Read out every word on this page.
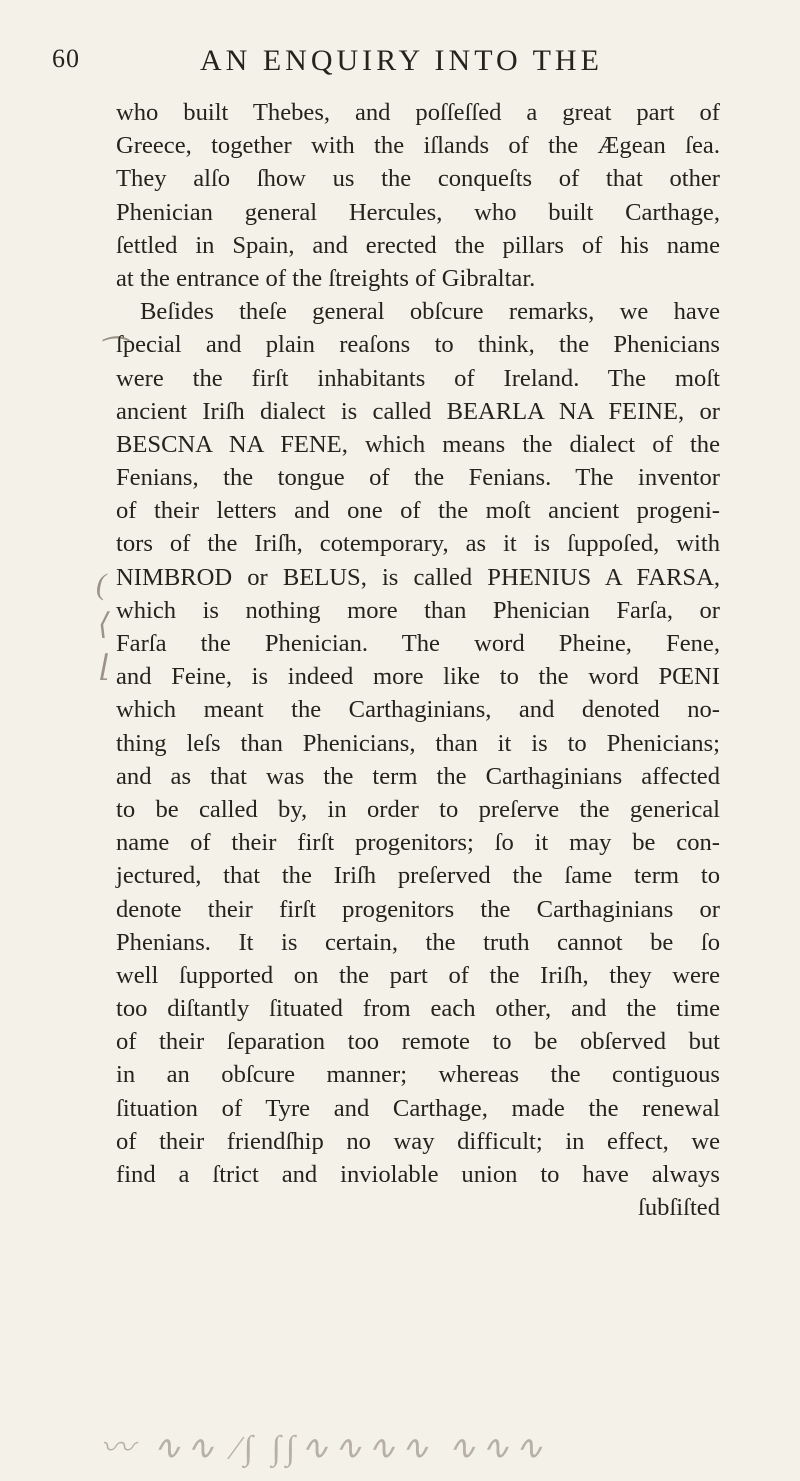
60	AN ENQUIRY INTO THE
⁀
(
⟨
⌊
who built Thebes, and poſſeſſed a great part of
Greece, together with the iſlands of the Ægean ſea.
They alſo ſhow us the conqueſts of that other
Phenician general Hercules, who built Carthage,
ſettled in Spain, and erected the pillars of his name
at the entrance of the ſtreights of Gibraltar.
Beſides theſe general obſcure remarks, we have
ſpecial and plain reaſons to think, the Phenicians
were the firſt inhabitants of Ireland. The moſt
ancient Iriſh dialect is called BEARLA NA FEINE, or
BESCNA NA FENE, which means the dialect of the
Fenians, the tongue of the Fenians. The inventor
of their letters and one of the moſt ancient progeni-
tors of the Iriſh, cotemporary, as it is ſuppoſed, with
NIMBROD or BELUS, is called PHENIUS A FARSA,
which is nothing more than Phenician Farſa, or
Farſa the Phenician. The word Pheine, Fene,
and Feine, is indeed more like to the word PŒNI
which meant the Carthaginians, and denoted no-
thing leſs than Phenicians, than it is to Phenicians;
and as that was the term the Carthaginians affected
to be called by, in order to preſerve the generical
name of their firſt progenitors; ſo it may be con-
jectured, that the Iriſh preſerved the ſame term to
denote their firſt progenitors the Carthaginians or
Phenians. It is certain, the truth cannot be ſo
well ſupported on the part of the Iriſh, they were
too diſtantly ſituated from each other, and the time
of their ſeparation too remote to be obſerved but
in an obſcure manner; whereas the contiguous
ſituation of Tyre and Carthage, made the renewal
of their friendſhip no way difficult; in effect, we
find a ſtrict and inviolable union to have always
ſubſiſted
〰 ∿∿ ⁄∫ ∫∫∿∿∿∿ ∿∿∿
